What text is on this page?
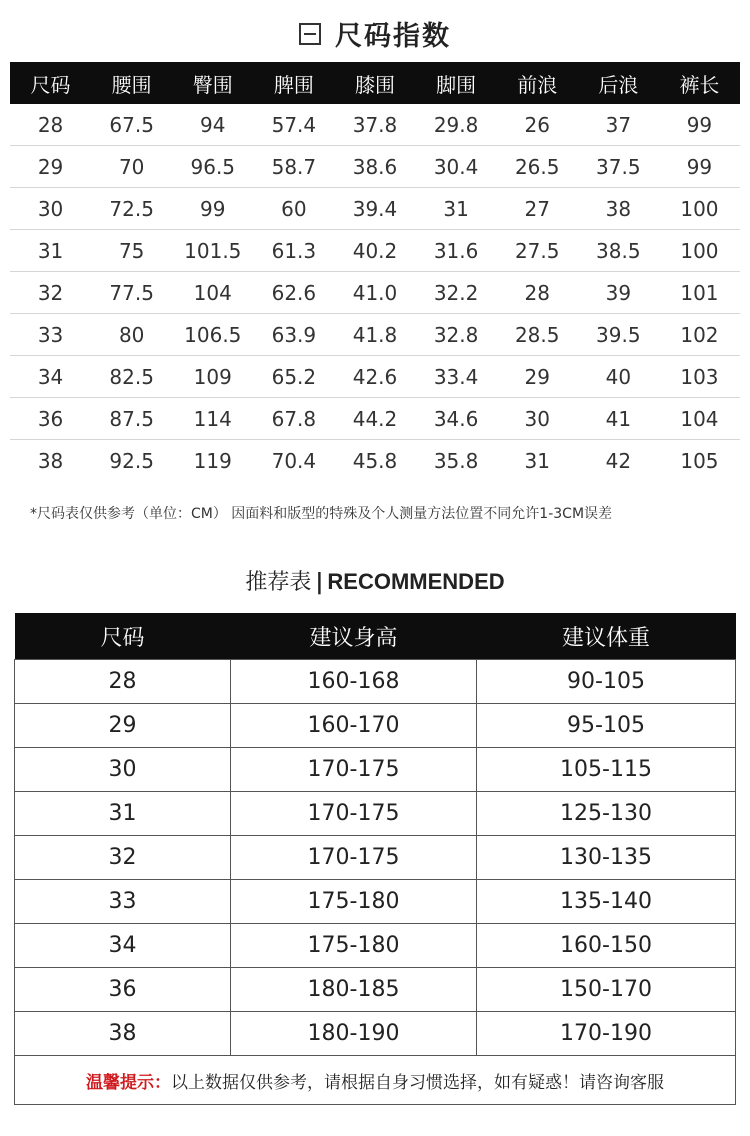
尺码指数
尺码	腰围	臀围	脾围	膝围	脚围	前浪	后浪	裤长
28	67.5	94	57.4	37.8	29.8	26	37	99
29	70	96.5	58.7	38.6	30.4	26.5	37.5	99
30	72.5	99	60	39.4	31	27	38	100
31	75	101.5	61.3	40.2	31.6	27.5	38.5	100
32	77.5	104	62.6	41.0	32.2	28	39	101
33	80	106.5	63.9	41.8	32.8	28.5	39.5	102
34	82.5	109	65.2	42.6	33.4	29	40	103
36	87.5	114	67.8	44.2	34.6	30	41	104
38	92.5	119	70.4	45.8	35.8	31	42	105
*尺码表仅供参考（单位：CM） 因面料和版型的特殊及个人测量方法位置不同允许1-3CM误差
推荐表 | RECOMMENDED
尺码	建议身高	建议体重
28	160-168	90-105
29	160-170	95-105
30	170-175	105-115
31	170-175	125-130
32	170-175	130-135
33	175-180	135-140
34	175-180	160-150
36	180-185	150-170
38	180-190	170-190
温馨提示：以上数据仅供参考，请根据自身习惯选择，如有疑惑！请咨询客服		
